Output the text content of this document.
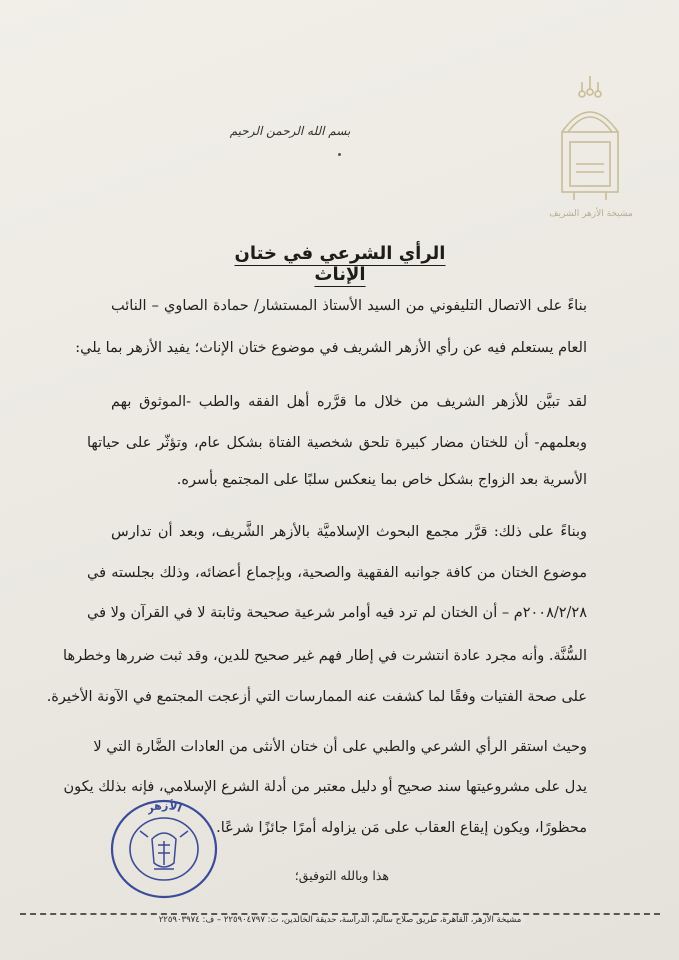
مشيخة الأزهر الشريف
بسم الله الرحمن الرحيم
الرأي الشرعي في ختان الإناث
بناءً على الاتصال التليفوني من السيد الأستاذ المستشار/ حمادة الصاوي – النائب
العام يستعلم فيه عن رأي الأزهر الشريف في موضوع ختان الإناث؛ يفيد الأزهر بما يلي:
لقد تبيَّن للأزهر الشريف من خلال ما قرَّره أهل الفقه والطب -الموثوق بهم
وبعلمهم- أن للختان مضار كبيرة تلحق شخصية الفتاة بشكل عام، وتؤثّر على حياتها
الأسرية بعد الزواج بشكل خاص بما ينعكس سلبًا على المجتمع بأسره.
وبناءً على ذلك: قرَّر مجمع البحوث الإسلاميَّة بالأزهر الشَّريف، وبعد أن تدارس
موضوع الختان من كافة جوانبه الفقهية والصحية، وبإجماع أعضائه، وذلك بجلسته في
٢٠٠٨/٢/٢٨م – أن الختان لم ترد فيه أوامر شرعية صحيحة وثابتة لا في القرآن ولا في
السُّنَّة. وأنه مجرد عادة انتشرت في إطار فهم غير صحيح للدين، وقد ثبت ضررها وخطرها
على صحة الفتيات وفقًا لما كشفت عنه الممارسات التي أزعجت المجتمع في الآونة الأخيرة.
وحيث استقر الرأي الشرعي والطبي على أن ختان الأنثى من العادات الضَّارة التي لا
يدل على مشروعيتها سند صحيح أو دليل معتبر من أدلة الشرع الإسلامي، فإنه بذلك يكون
محظورًا، ويكون إيقاع العقاب على مَن يزاوله أمرًا جائزًا شرعًا.
هذا وبالله التوفيق؛
الأزهر
مشيخة الأزهر، القاهرة، طريق صلاح سالم، الدراسة، حديقة الخالدين، ت: ٢٢٥٩٠٤٧٩٧ – ف: ٢٢٥٩٠٣٩٧٤
